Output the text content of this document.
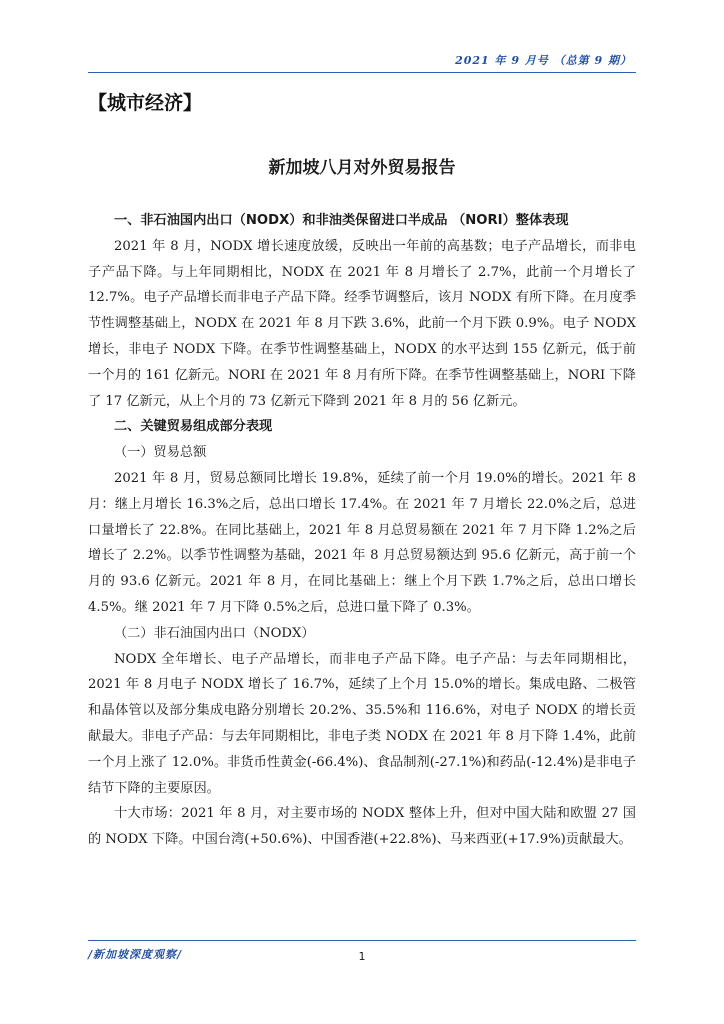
2021 年 9 月号 （总第 9 期）
【城市经济】
新加坡八月对外贸易报告

一、非石油国内出口（NODX）和非油类保留进口半成品 （NORI）整体表现

2021 年 8 月，NODX 增长速度放缓，反映出一年前的高基数；电子产品增长，而非电子产品下降。与上年同期相比，NODX 在 2021 年 8 月增长了 2.7%，此前一个月增长了 12.7%。电子产品增长而非电子产品下降。经季节调整后，该月 NODX 有所下降。在月度季节性调整基础上，NODX 在 2021 年 8 月下跌 3.6%，此前一个月下跌 0.9%。电子 NODX 增长，非电子 NODX 下降。在季节性调整基础上，NODX 的水平达到 155 亿新元，低于前一个月的 161 亿新元。NORI 在 2021 年 8 月有所下降。在季节性调整基础上，NORI 下降了 17 亿新元，从上个月的 73 亿新元下降到 2021 年 8 月的 56 亿新元。

二、关键贸易组成部分表现

（一）贸易总额

2021 年 8 月，贸易总额同比增长 19.8%，延续了前一个月 19.0%的增长。2021 年 8 月：继上月增长 16.3%之后，总出口增长 17.4%。在 2021 年 7 月增长 22.0%之后，总进口量增长了 22.8%。在同比基础上，2021 年 8 月总贸易额在 2021 年 7 月下降 1.2%之后增长了 2.2%。以季节性调整为基础，2021 年 8 月总贸易额达到 95.6 亿新元，高于前一个月的 93.6 亿新元。2021 年 8 月，在同比基础上：继上个月下跌 1.7%之后，总出口增长 4.5%。继 2021 年 7 月下降 0.5%之后，总进口量下降了 0.3%。

（二）非石油国内出口（NODX）

NODX 全年增长、电子产品增长，而非电子产品下降。电子产品：与去年同期相比，2021 年 8 月电子 NODX 增长了 16.7%，延续了上个月 15.0%的增长。集成电路、二极管和晶体管以及部分集成电路分别增长 20.2%、35.5%和 116.6%，对电子 NODX 的增长贡献最大。非电子产品：与去年同期相比，非电子类 NODX 在 2021 年 8 月下降 1.4%，此前一个月上涨了 12.0%。非货币性黄金(-66.4%)、食品制剂(-27.1%)和药品(-12.4%)是非电子结节下降的主要原因。

十大市场：2021 年 8 月，对主要市场的 NODX 整体上升，但对中国大陆和欧盟 27 国的 NODX 下降。中国台湾(+50.6%)、中国香港(+22.8%)、马来西亚(+17.9%)贡献最大。

/新加坡深度观察/	1
